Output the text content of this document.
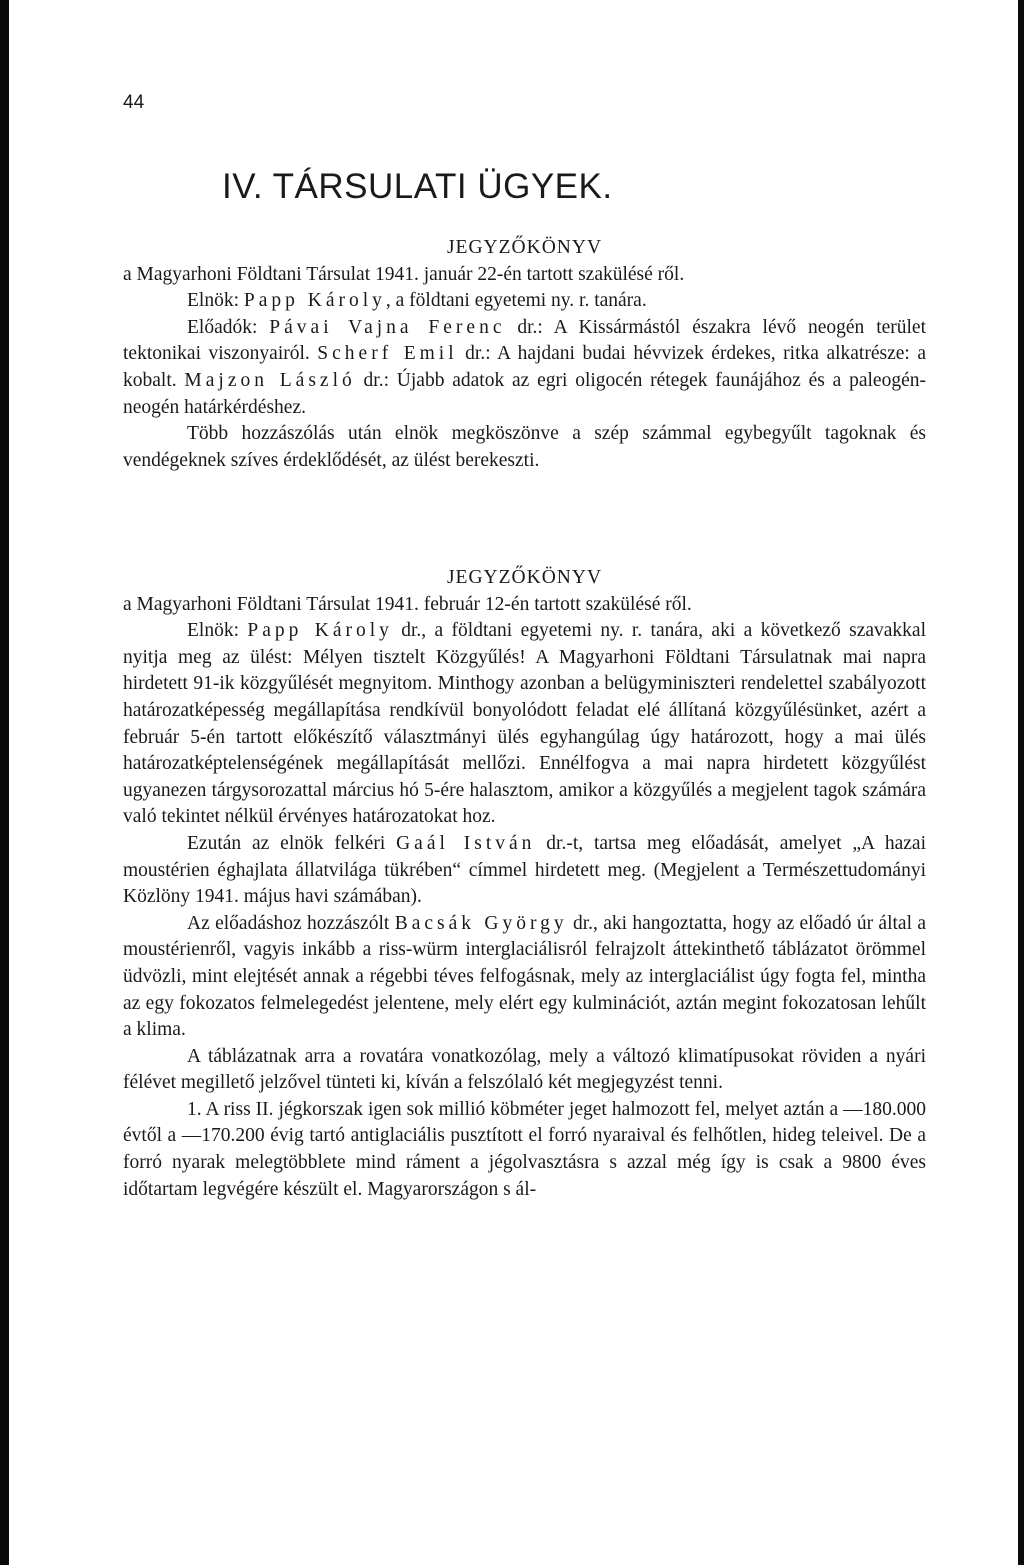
44
IV. TÁRSULATI ÜGYEK.

JEGYZŐKÖNYV

a Magyarhoni Földtani Társulat 1941. január 22-én tartott szakülésé ről.

Elnök: Papp Károly, a földtani egyetemi ny. r. tanára.

Előadók: Pávai Vajna Ferenc dr.: A Kissármástól északra lévő neogén terület tektonikai viszonyairól. Scherf Emil dr.: A hajdani budai hévvizek érdekes, ritka alkatrésze: a kobalt. Majzon László dr.: Újabb adatok az egri oligocén rétegek faunájához és a paleogén-neogén határkérdéshez.

Több hozzászólás után elnök megköszönve a szép számmal egybegyűlt tagoknak és vendégeknek szíves érdeklődését, az ülést berekeszti.

JEGYZŐKÖNYV

a Magyarhoni Földtani Társulat 1941. február 12-én tartott szakülésé ről.

Elnök: Papp Károly dr., a földtani egyetemi ny. r. tanára, aki a következő szavakkal nyitja meg az ülést: Mélyen tisztelt Közgyűlés! A Magyarhoni Földtani Társulatnak mai napra hirdetett 91-ik közgyűlését megnyitom. Minthogy azonban a belügyminiszteri rendelettel szabályozott határozatképesség megállapítása rendkívül bonyolódott feladat elé állítaná közgyűlésünket, azért a február 5-én tartott előkészítő választmányi ülés egyhangúlag úgy határozott, hogy a mai ülés határozatképtelenségének megállapítását mellőzi. Ennélfogva a mai napra hirdetett közgyűlést ugyanezen tárgysorozattal március hó 5-ére halasztom, amikor a közgyűlés a megjelent tagok számára való tekintet nélkül érvényes határozatokat hoz.

Ezután az elnök felkéri Gaál István dr.-t, tartsa meg előadását, amelyet „A hazai moustérien éghajlata állatvilága tükrében“ címmel hirdetett meg. (Megjelent a Természettudományi Közlöny 1941. május havi számában).

Az előadáshoz hozzászólt Bacsák György dr., aki hangoztatta, hogy az előadó úr által a moustérienről, vagyis inkább a riss-würm interglaciálisról felrajzolt áttekinthető táblázatot örömmel üdvözli, mint elejtését annak a régebbi téves felfogásnak, mely az interglaciálist úgy fogta fel, mintha az egy fokozatos felmelegedést jelentene, mely elért egy kulminációt, aztán megint fokozatosan lehűlt a klima.

A táblázatnak arra a rovatára vonatkozólag, mely a változó klimatípusokat röviden a nyári félévet megillető jelzővel tünteti ki, kíván a felszólaló két megjegyzést tenni.

1. A riss II. jégkorszak igen sok millió köbméter jeget halmozott fel, melyet aztán a —180.000 évtől a —170.200 évig tartó antiglaciális pusztított el forró nyaraival és felhőtlen, hideg teleivel. De a forró nyarak melegtöbblete mind ráment a jégolvasztásra s azzal még így is csak a 9800 éves időtartam legvégére készült el. Magyarországon s ál-
